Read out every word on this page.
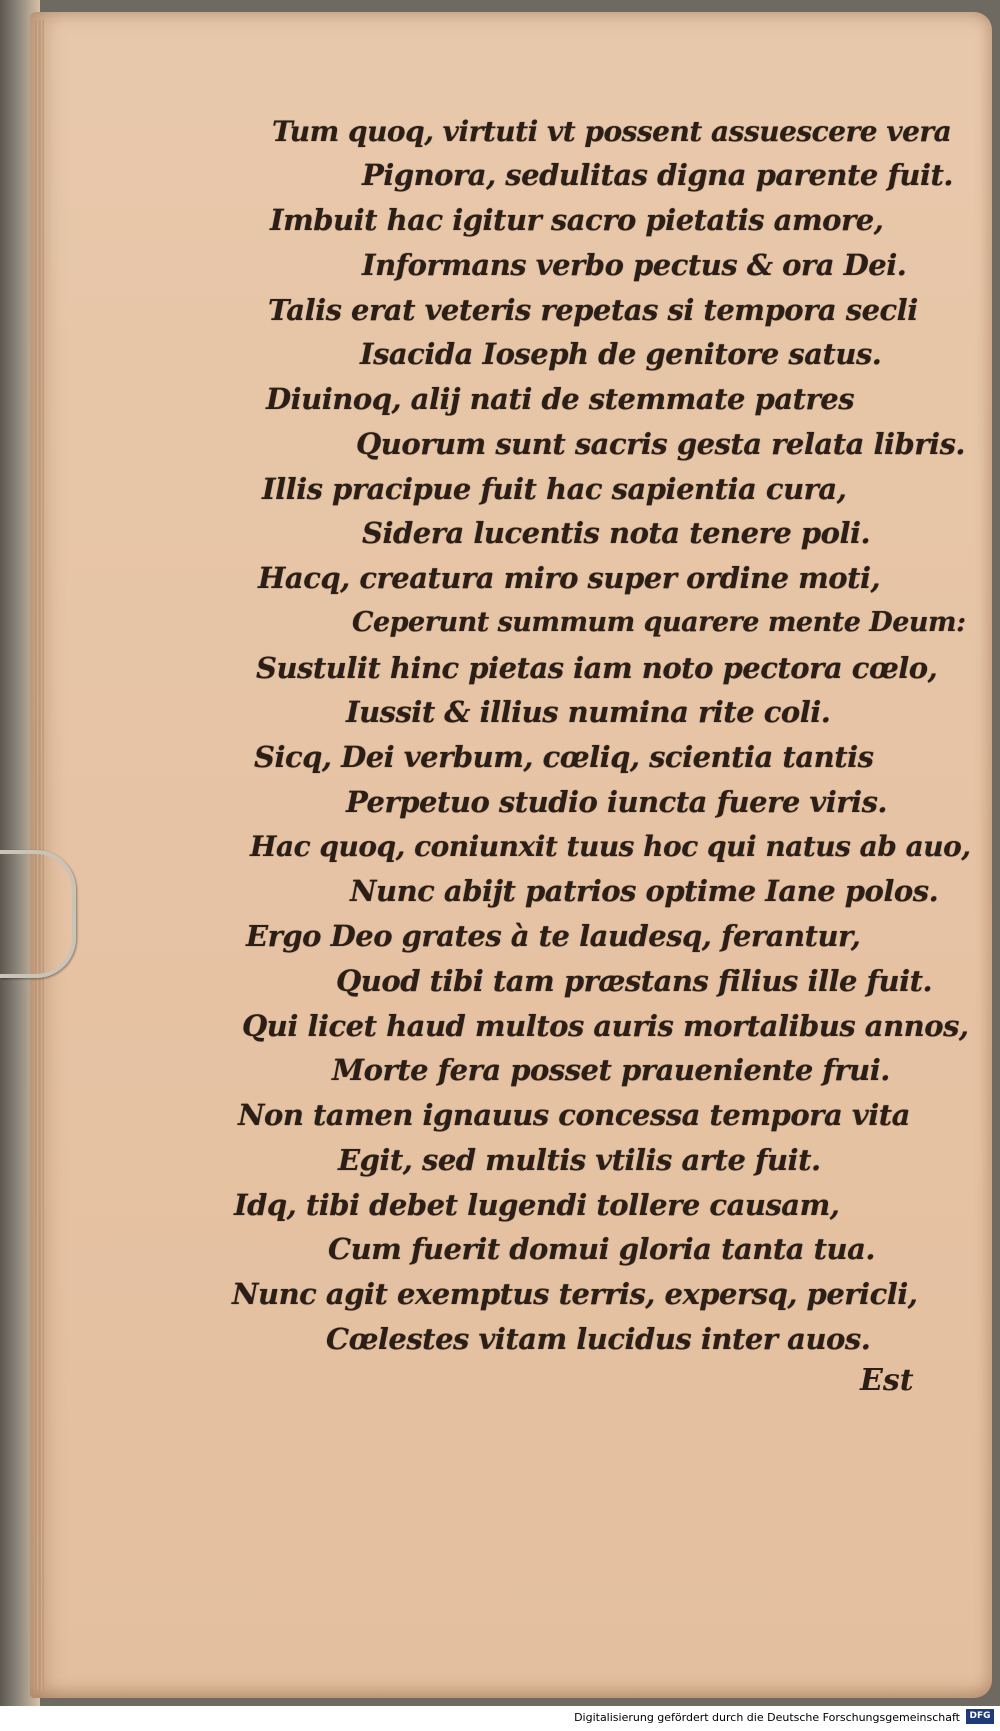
Tum quoq, virtuti vt possent assuescere vera
Pignora, sedulitas digna parente fuit.
Imbuit hac igitur sacro pietatis amore,
Informans verbo pectus & ora Dei.
Talis erat veteris repetas si tempora secli
Isacida Ioseph de genitore satus.
Diuinoq, alij nati de stemmate patres
Quorum sunt sacris gesta relata libris.
Illis pracipue fuit hac sapientia cura,
Sidera lucentis nota tenere poli.
Hacq, creatura miro super ordine moti,
Ceperunt summum quarere mente Deum:
Sustulit hinc pietas iam noto pectora cœlo,
Iussit & illius numina rite coli.
Sicq, Dei verbum, cœliq, scientia tantis
Perpetuo studio iuncta fuere viris.
Hac quoq, coniunxit tuus hoc qui natus ab auo,
Nunc abijt patrios optime Iane polos.
Ergo Deo grates à te laudesq, ferantur,
Quod tibi tam præstans filius ille fuit.
Qui licet haud multos auris mortalibus annos,
Morte fera posset praueniente frui.
Non tamen ignauus concessa tempora vita
Egit, sed multis vtilis arte fuit.
Idq, tibi debet lugendi tollere causam,
Cum fuerit domui gloria tanta tua.
Nunc agit exemptus terris, expersq, pericli,
Cœlestes vitam lucidus inter auos.
Est
Digitalisierung gefördert durch die Deutsche Forschungsgemeinschaft	DFG
